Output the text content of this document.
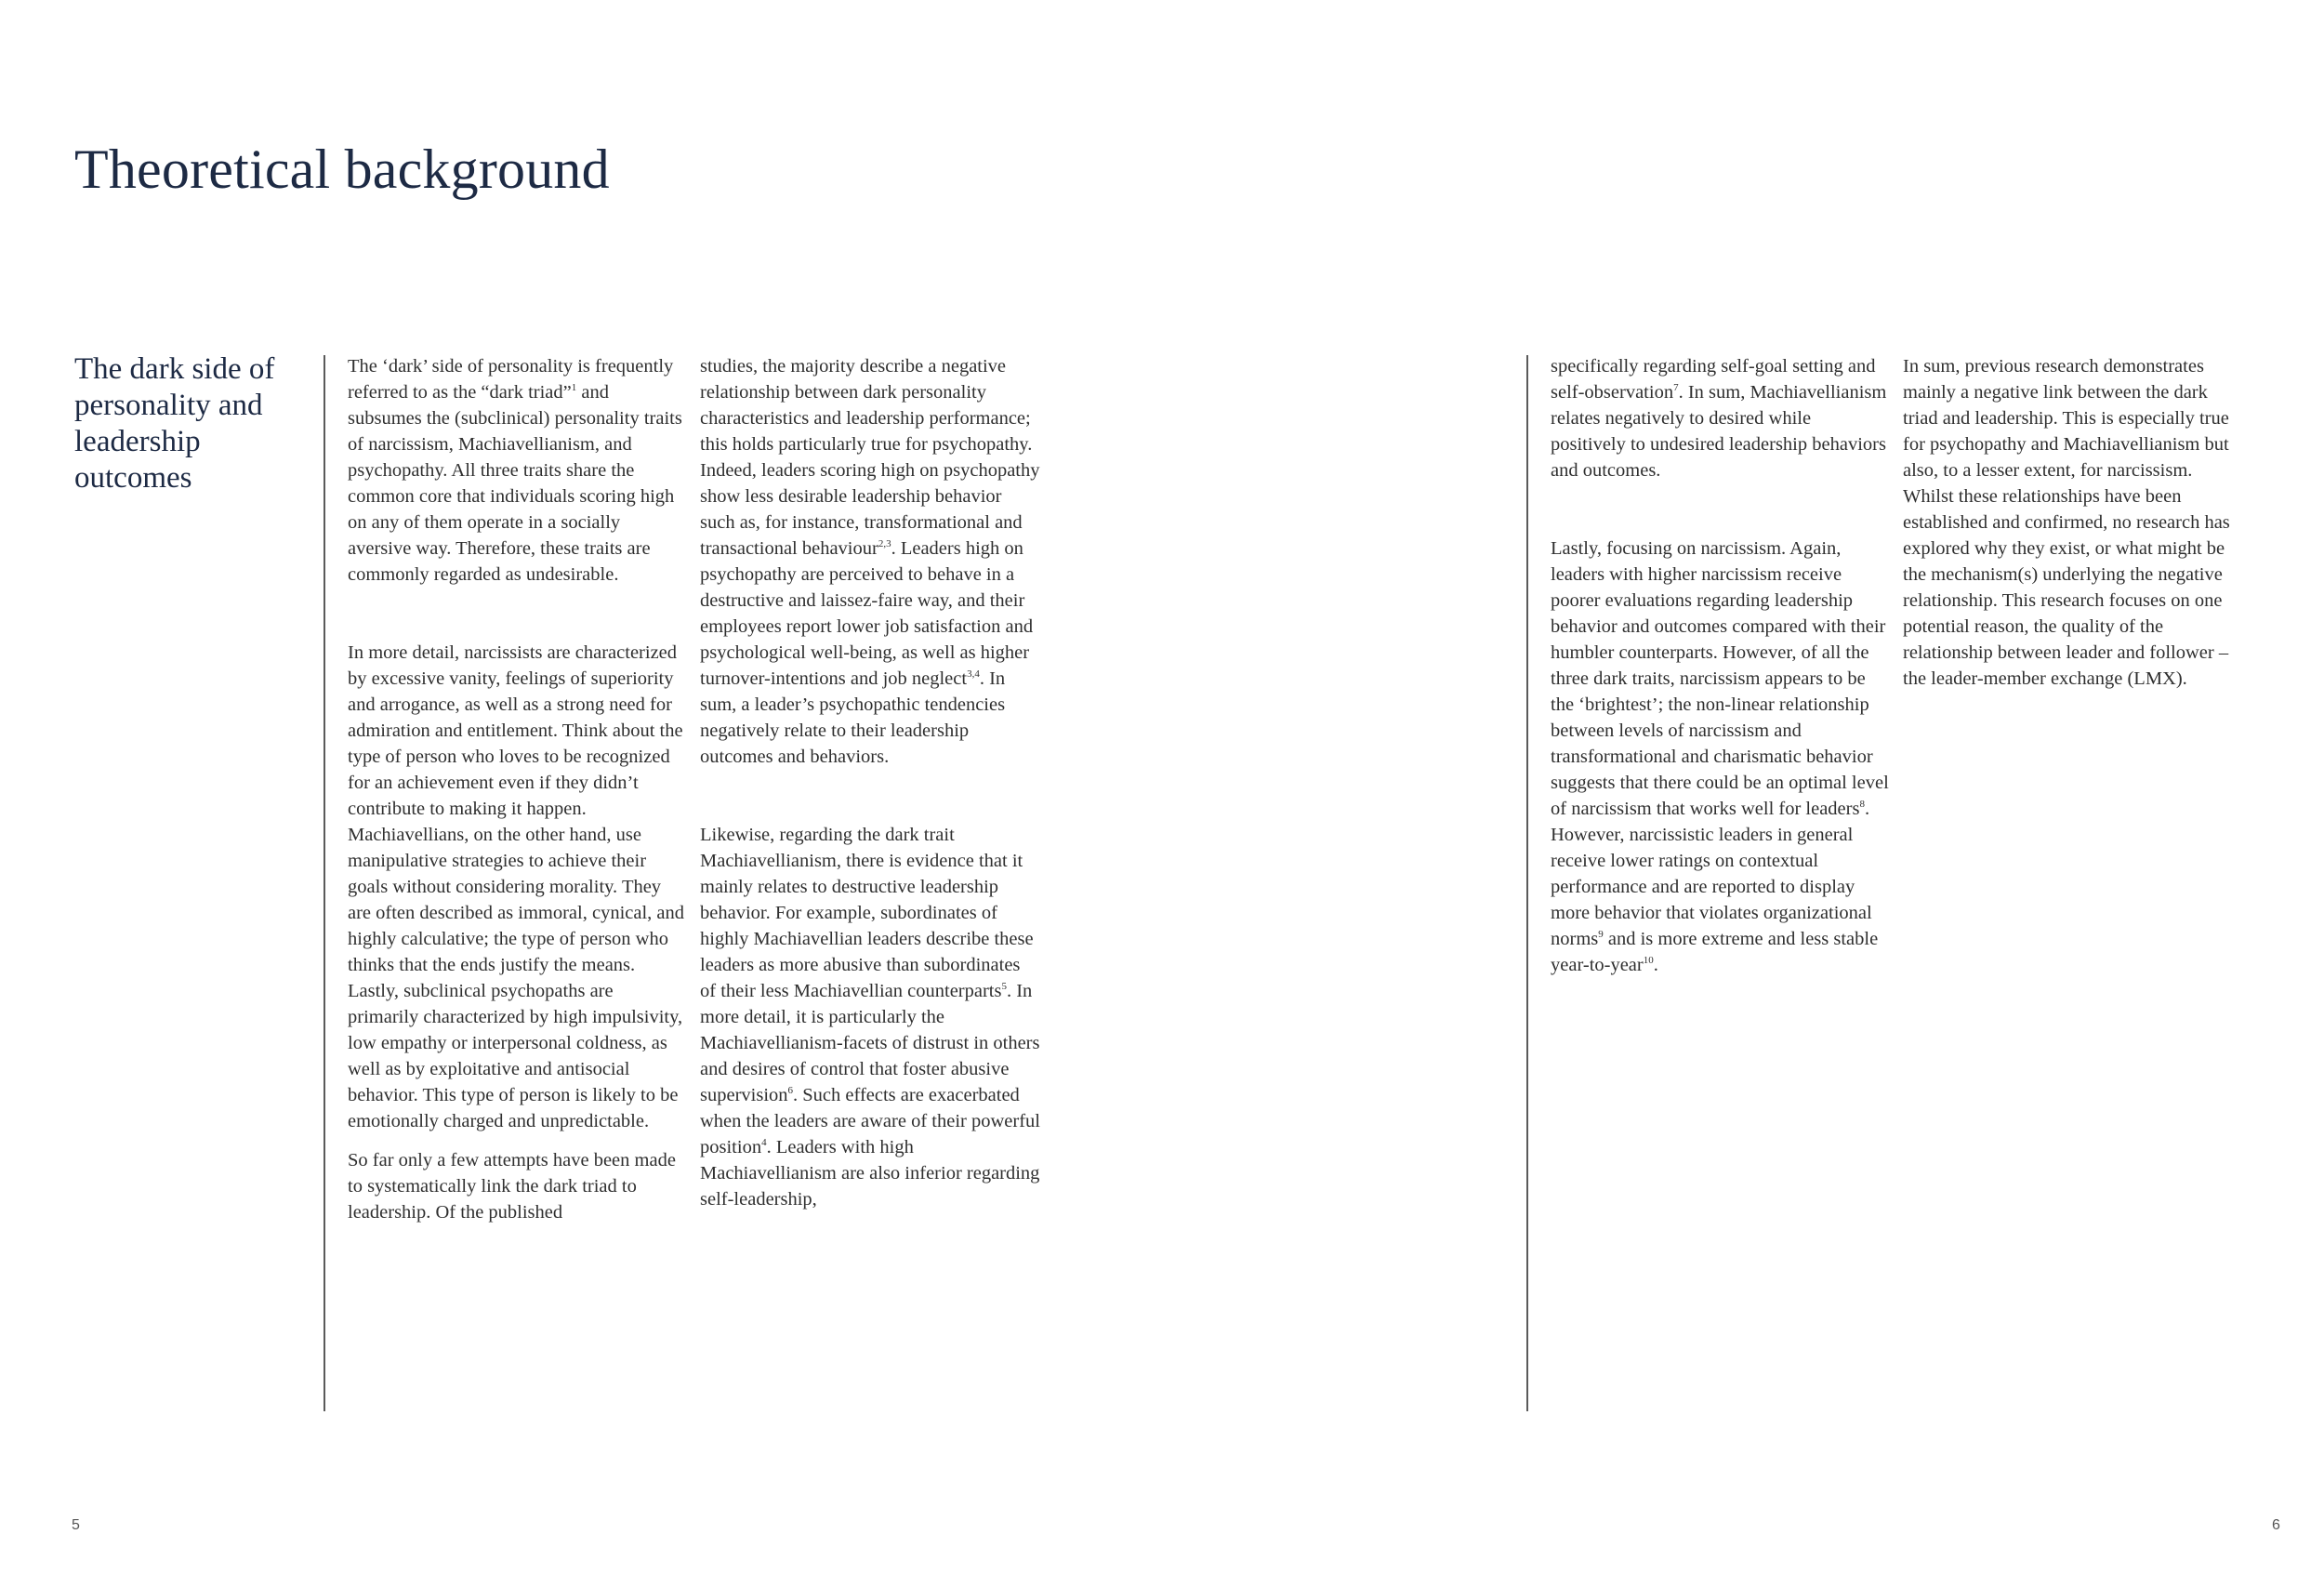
Theoretical background
The dark side of personality and leadership outcomes

The ‘dark’ side of personality is frequently referred to as the “dark triad”$^1$ and subsumes the (subclinical) personality traits of narcissism, Machiavellianism, and psychopathy. All three traits share the common core that individuals scoring high on any of them operate in a socially aversive way. Therefore, these traits are commonly regarded as undesirable.

In more detail, narcissists are characterized by excessive vanity, feelings of superiority and arrogance, as well as a strong need for admiration and entitlement. Think about the type of person who loves to be recognized for an achievement even if they didn’t contribute to making it happen. Machiavellians, on the other hand, use manipulative strategies to achieve their goals without considering morality. They are often described as immoral, cynical, and highly calculative; the type of person who thinks that the ends justify the means. Lastly, subclinical psychopaths are primarily characterized by high impulsivity, low empathy or interpersonal coldness, as well as by exploitative and antisocial behavior. This type of person is likely to be emotionally charged and unpredictable.

So far only a few attempts have been made to systematically link the dark triad to leadership. Of the published

studies, the majority describe a negative relationship between dark personality characteristics and leadership performance; this holds particularly true for psychopathy. Indeed, leaders scoring high on psychopathy show less desirable leadership behavior such as, for instance, transformational and transactional behaviour$^{2,3}$. Leaders high on psychopathy are perceived to behave in a destructive and laissez-faire way, and their employees report lower job satisfaction and psychological well-being, as well as higher turnover-intentions and job neglect$^{3,4}$. In sum, a leader’s psychopathic tendencies negatively relate to their leadership outcomes and behaviors.

Likewise, regarding the dark trait Machiavellianism, there is evidence that it mainly relates to destructive leadership behavior. For example, subordinates of highly Machiavellian leaders describe these leaders as more abusive than subordinates of their less Machiavellian counterparts$^5$. In more detail, it is particularly the Machiavellianism-facets of distrust in others and desires of control that foster abusive supervision$^6$. Such effects are exacerbated when the leaders are aware of their powerful position$^4$. Leaders with high Machiavellianism are also inferior regarding self-leadership,

specifically regarding self-goal setting and self-observation$^7$. In sum, Machiavellianism relates negatively to desired while positively to undesired leadership behaviors and outcomes.

Lastly, focusing on narcissism. Again, leaders with higher narcissism receive poorer evaluations regarding leadership behavior and outcomes compared with their humbler counterparts. However, of all the three dark traits, narcissism appears to be the ‘brightest’; the non-linear relationship between levels of narcissism and transformational and charismatic behavior suggests that there could be an optimal level of narcissism that works well for leaders$^8$. However, narcissistic leaders in general receive lower ratings on contextual performance and are reported to display more behavior that violates organizational norms$^9$ and is more extreme and less stable year-to-year$^{10}$.

In sum, previous research demonstrates mainly a negative link between the dark triad and leadership. This is especially true for psychopathy and Machiavellianism but also, to a lesser extent, for narcissism. Whilst these relationships have been established and confirmed, no research has explored why they exist, or what might be the mechanism(s) underlying the negative relationship. This research focuses on one potential reason, the quality of the relationship between leader and follower – the leader-member exchange (LMX).

5	6
